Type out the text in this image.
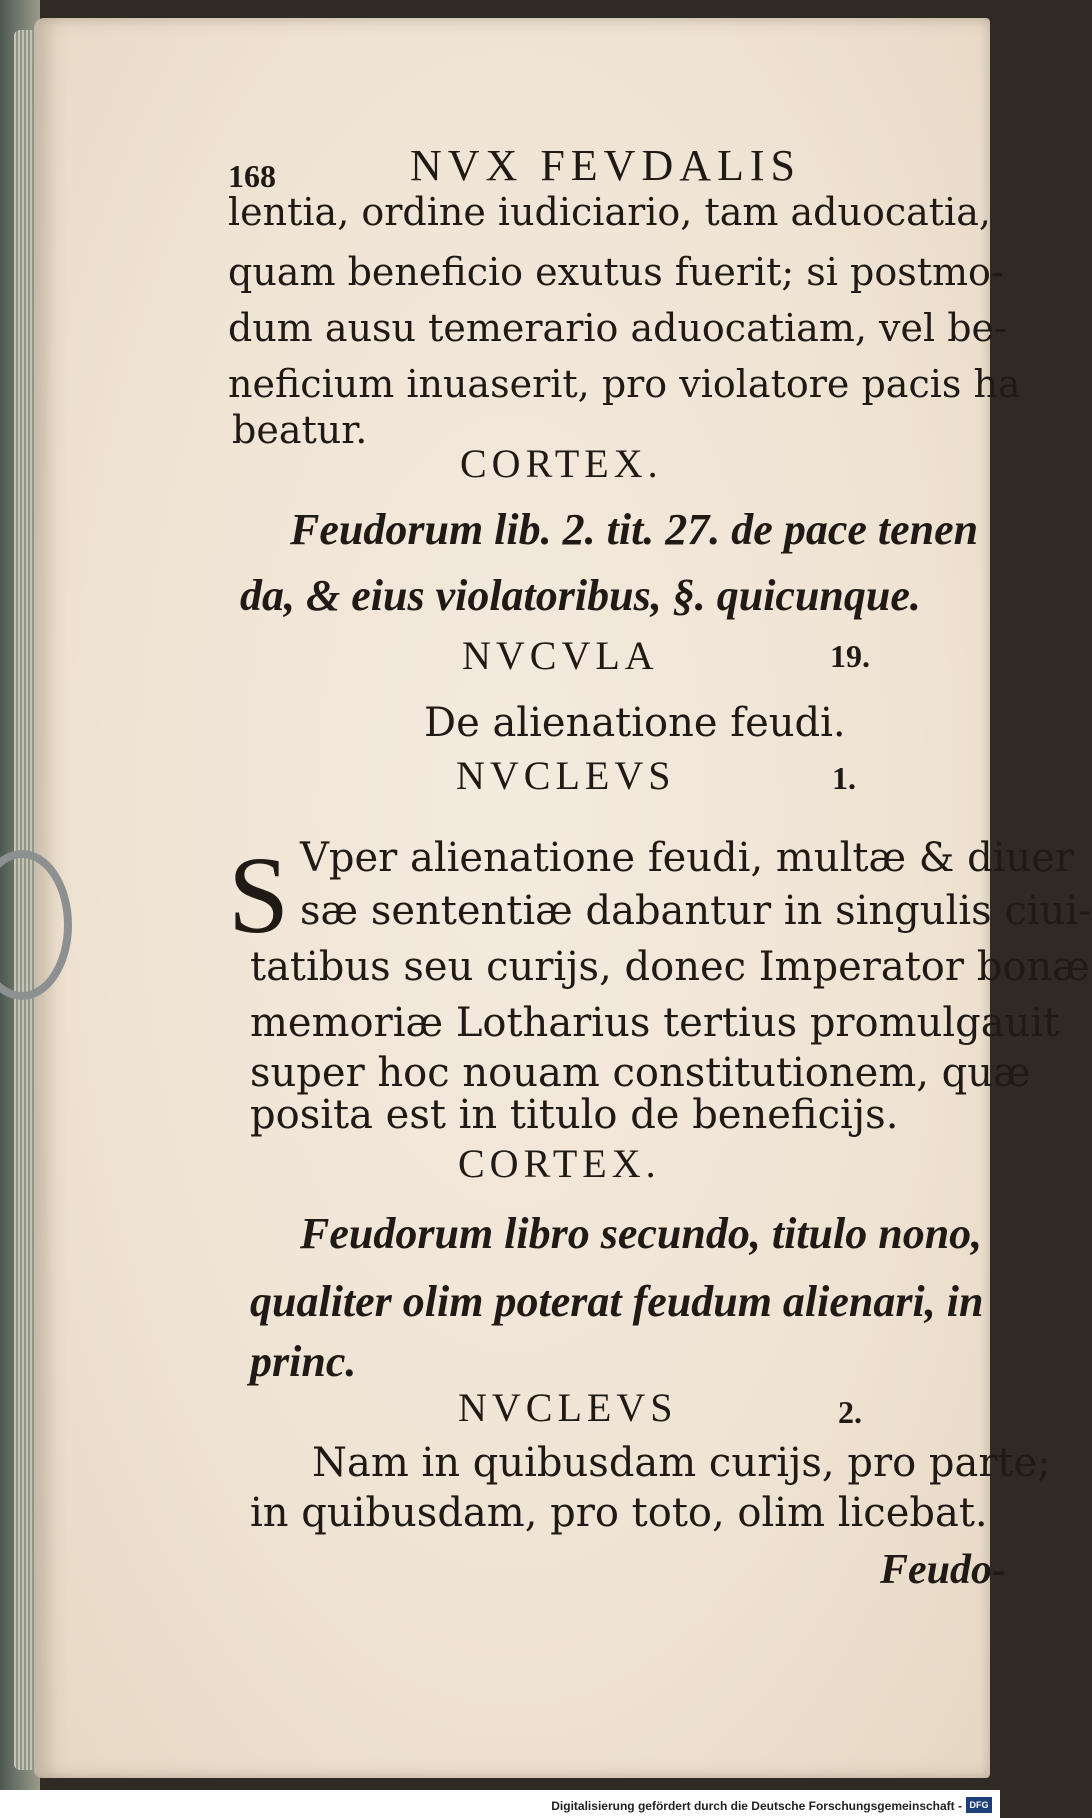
168	NVX FEVDALIS
lentia, ordine iudiciario, tam aduocatia,
quam beneficio exutus fuerit; si postmo-
dum ausu temerario aduocatiam, vel be-
neficium inuaserit, pro violatore pacis ha
beatur.
CORTEX.
Feudorum lib. 2. tit. 27. de pace tenen
da, & eius violatoribus, §. quicunque.
NVCVLA	19.
De alienatione feudi.
NVCLEVS	1.
S Vper alienatione feudi, multæ & diuer
sæ sententiæ dabantur in singulis ciui-
tatibus seu curijs, donec Imperator bonæ
memoriæ Lotharius tertius promulgauit
super hoc nouam constitutionem, quæ
posita est in titulo de beneficijs.
CORTEX.
Feudorum libro secundo, titulo nono,
qualiter olim poterat feudum alienari, in
princ.
NVCLEVS	2.
Nam in quibusdam curijs, pro parte;
in quibusdam, pro toto, olim licebat.
Feudo-
Digitalisierung gefördert durch die Deutsche Forschungsgemeinschaft - DFG
